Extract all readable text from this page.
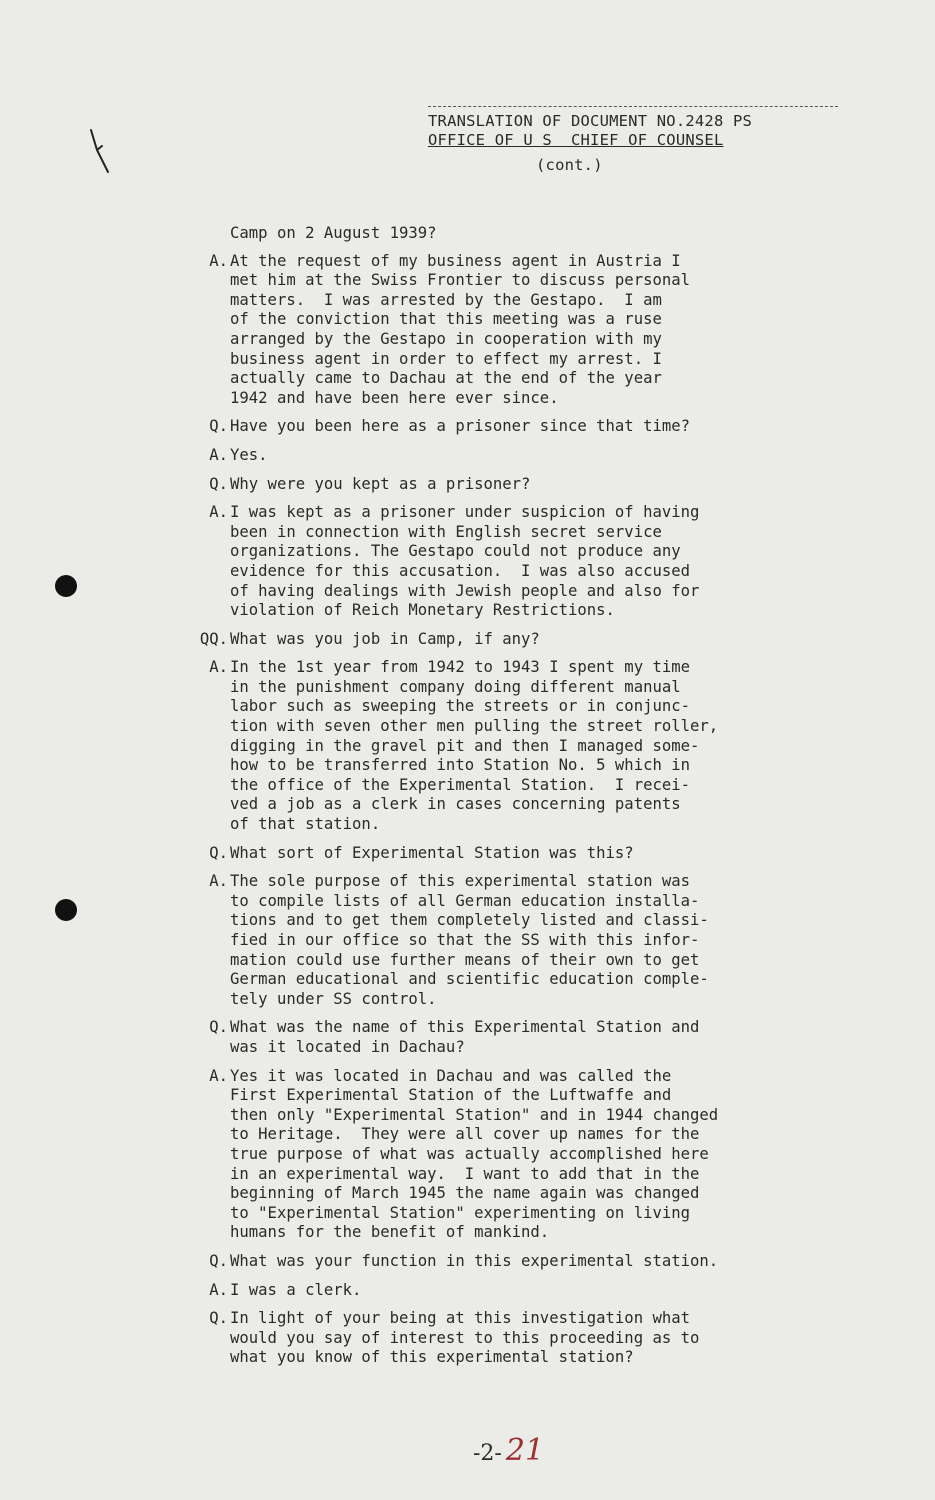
TRANSLATION OF DOCUMENT NO.2428 PS
OFFICE OF U S  CHIEF OF COUNSEL
(cont.)
Camp on 2 August 1939?
A. At the request of my business agent in Austria I
met him at the Swiss Frontier to discuss personal
matters.  I was arrested by the Gestapo.  I am
of the conviction that this meeting was a ruse
arranged by the Gestapo in cooperation with my
business agent in order to effect my arrest. I
actually came to Dachau at the end of the year
1942 and have been here ever since.
Q. Have you been here as a prisoner since that time?
A. Yes.
Q. Why were you kept as a prisoner?
A. I was kept as a prisoner under suspicion of having
been in connection with English secret service
organizations. The Gestapo could not produce any
evidence for this accusation.  I was also accused
of having dealings with Jewish people and also for
violation of Reich Monetary Restrictions.
QQ. What was you job in Camp, if any?
A. In the 1st year from 1942 to 1943 I spent my time
in the punishment company doing different manual
labor such as sweeping the streets or in conjunc-
tion with seven other men pulling the street roller,
digging in the gravel pit and then I managed some-
how to be transferred into Station No. 5 which in
the office of the Experimental Station.  I recei-
ved a job as a clerk in cases concerning patents
of that station.
Q. What sort of Experimental Station was this?
A. The sole purpose of this experimental station was
to compile lists of all German education installa-
tions and to get them completely listed and classi-
fied in our office so that the SS with this infor-
mation could use further means of their own to get
German educational and scientific education comple-
tely under SS control.
Q. What was the name of this Experimental Station and
was it located in Dachau?
A. Yes it was located in Dachau and was called the
First Experimental Station of the Luftwaffe and
then only "Experimental Station" and in 1944 changed
to Heritage.  They were all cover up names for the
true purpose of what was actually accomplished here
in an experimental way.  I want to add that in the
beginning of March 1945 the name again was changed
to "Experimental Station" experimenting on living
humans for the benefit of mankind.
Q. What was your function in this experimental station.
A. I was a clerk.
Q. In light of your being at this investigation what
would you say of interest to this proceeding as to
what you know of this experimental station?

-2- 21
